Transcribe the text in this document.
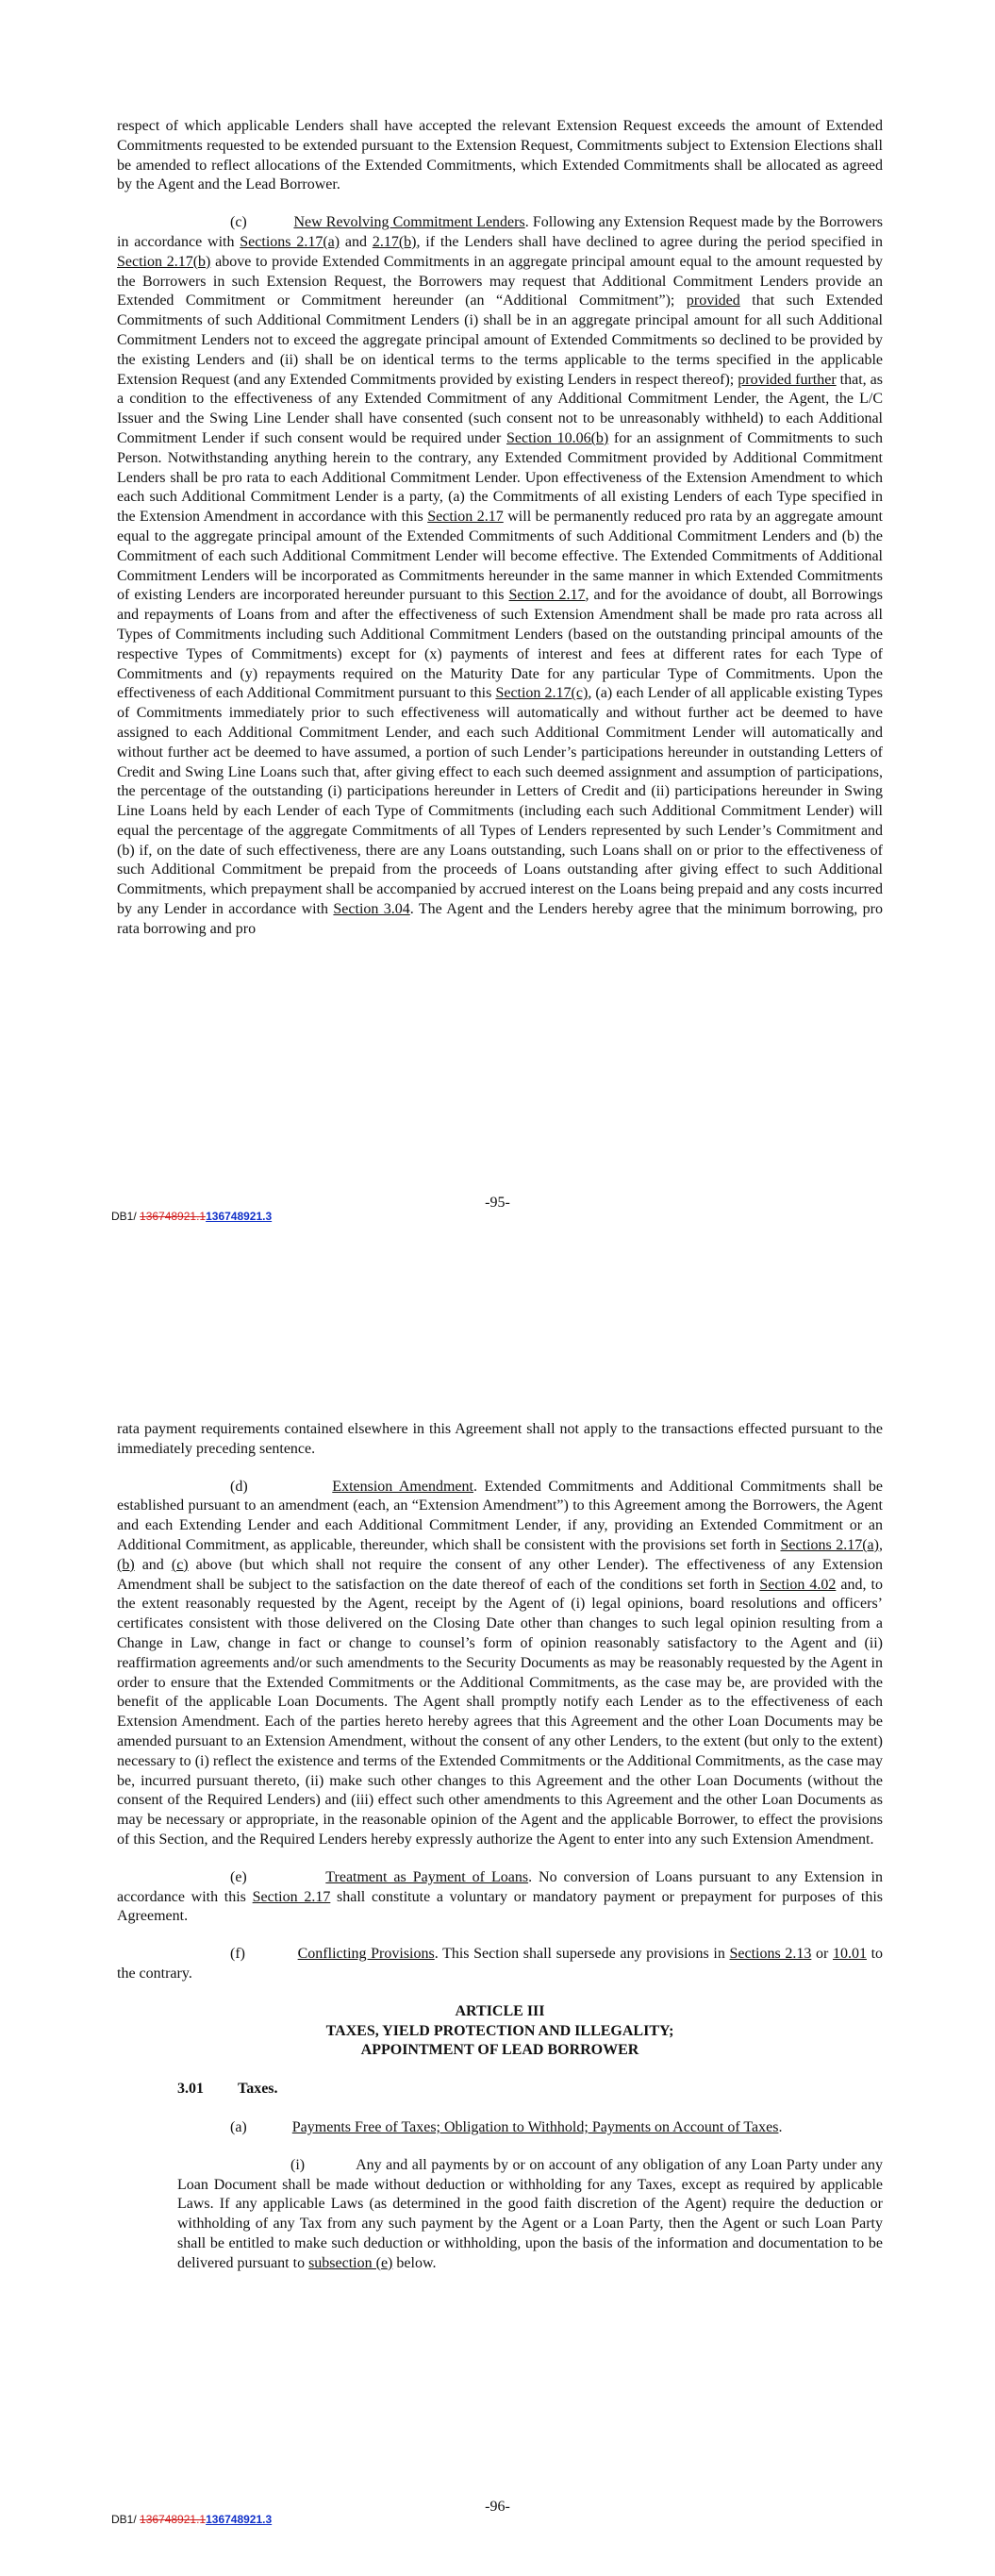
respect of which applicable Lenders shall have accepted the relevant Extension Request exceeds the amount of Extended Commitments requested to be extended pursuant to the Extension Request, Commitments subject to Extension Elections shall be amended to reflect allocations of the Extended Commitments, which Extended Commitments shall be allocated as agreed by the Agent and the Lead Borrower.

(c)	New Revolving Commitment Lenders. Following any Extension Request made by the Borrowers in accordance with Sections 2.17(a) and 2.17(b), if the Lenders shall have declined to agree during the period specified in Section 2.17(b) above to provide Extended Commitments in an aggregate principal amount equal to the amount requested by the Borrowers in such Extension Request, the Borrowers may request that Additional Commitment Lenders provide an Extended Commitment or Commitment hereunder (an “Additional Commitment”); provided that such Extended Commitments of such Additional Commitment Lenders (i) shall be in an aggregate principal amount for all such Additional Commitment Lenders not to exceed the aggregate principal amount of Extended Commitments so declined to be provided by the existing Lenders and (ii) shall be on identical terms to the terms applicable to the terms specified in the applicable Extension Request (and any Extended Commitments provided by existing Lenders in respect thereof); provided further that, as a condition to the effectiveness of any Extended Commitment of any Additional Commitment Lender, the Agent, the L/C Issuer and the Swing Line Lender shall have consented (such consent not to be unreasonably withheld) to each Additional Commitment Lender if such consent would be required under Section 10.06(b) for an assignment of Commitments to such Person. Notwithstanding anything herein to the contrary, any Extended Commitment provided by Additional Commitment Lenders shall be pro rata to each Additional Commitment Lender. Upon effectiveness of the Extension Amendment to which each such Additional Commitment Lender is a party, (a) the Commitments of all existing Lenders of each Type specified in the Extension Amendment in accordance with this Section 2.17 will be permanently reduced pro rata by an aggregate amount equal to the aggregate principal amount of the Extended Commitments of such Additional Commitment Lenders and (b) the Commitment of each such Additional Commitment Lender will become effective. The Extended Commitments of Additional Commitment Lenders will be incorporated as Commitments hereunder in the same manner in which Extended Commitments of existing Lenders are incorporated hereunder pursuant to this Section 2.17, and for the avoidance of doubt, all Borrowings and repayments of Loans from and after the effectiveness of such Extension Amendment shall be made pro rata across all Types of Commitments including such Additional Commitment Lenders (based on the outstanding principal amounts of the respective Types of Commitments) except for (x) payments of interest and fees at different rates for each Type of Commitments and (y) repayments required on the Maturity Date for any particular Type of Commitments. Upon the effectiveness of each Additional Commitment pursuant to this Section 2.17(c), (a) each Lender of all applicable existing Types of Commitments immediately prior to such effectiveness will automatically and without further act be deemed to have assigned to each Additional Commitment Lender, and each such Additional Commitment Lender will automatically and without further act be deemed to have assumed, a portion of such Lender’s participations hereunder in outstanding Letters of Credit and Swing Line Loans such that, after giving effect to each such deemed assignment and assumption of participations, the percentage of the outstanding (i) participations hereunder in Letters of Credit and (ii) participations hereunder in Swing Line Loans held by each Lender of each Type of Commitments (including each such Additional Commitment Lender) will equal the percentage of the aggregate Commitments of all Types of Lenders represented by such Lender’s Commitment and (b) if, on the date of such effectiveness, there are any Loans outstanding, such Loans shall on or prior to the effectiveness of such Additional Commitment be prepaid from the proceeds of Loans outstanding after giving effect to such Additional Commitments, which prepayment shall be accompanied by accrued interest on the Loans being prepaid and any costs incurred by any Lender in accordance with Section 3.04. The Agent and the Lenders hereby agree that the minimum borrowing, pro rata borrowing and pro

-95-
DB1/ 136748921.1136748921.3

rata payment requirements contained elsewhere in this Agreement shall not apply to the transactions effected pursuant to the immediately preceding sentence.

(d)	Extension Amendment. Extended Commitments and Additional Commitments shall be established pursuant to an amendment (each, an “Extension Amendment”) to this Agreement among the Borrowers, the Agent and each Extending Lender and each Additional Commitment Lender, if any, providing an Extended Commitment or an Additional Commitment, as applicable, thereunder, which shall be consistent with the provisions set forth in Sections 2.17(a), (b) and (c) above (but which shall not require the consent of any other Lender). The effectiveness of any Extension Amendment shall be subject to the satisfaction on the date thereof of each of the conditions set forth in Section 4.02 and, to the extent reasonably requested by the Agent, receipt by the Agent of (i) legal opinions, board resolutions and officers’ certificates consistent with those delivered on the Closing Date other than changes to such legal opinion resulting from a Change in Law, change in fact or change to counsel’s form of opinion reasonably satisfactory to the Agent and (ii) reaffirmation agreements and/or such amendments to the Security Documents as may be reasonably requested by the Agent in order to ensure that the Extended Commitments or the Additional Commitments, as the case may be, are provided with the benefit of the applicable Loan Documents. The Agent shall promptly notify each Lender as to the effectiveness of each Extension Amendment. Each of the parties hereto hereby agrees that this Agreement and the other Loan Documents may be amended pursuant to an Extension Amendment, without the consent of any other Lenders, to the extent (but only to the extent) necessary to (i) reflect the existence and terms of the Extended Commitments or the Additional Commitments, as the case may be, incurred pursuant thereto, (ii) make such other changes to this Agreement and the other Loan Documents (without the consent of the Required Lenders) and (iii) effect such other amendments to this Agreement and the other Loan Documents as may be necessary or appropriate, in the reasonable opinion of the Agent and the applicable Borrower, to effect the provisions of this Section, and the Required Lenders hereby expressly authorize the Agent to enter into any such Extension Amendment.

(e)	Treatment as Payment of Loans. No conversion of Loans pursuant to any Extension in accordance with this Section 2.17 shall constitute a voluntary or mandatory payment or prepayment for purposes of this Agreement.

(f)	Conflicting Provisions. This Section shall supersede any provisions in Sections 2.13 or 10.01 to the contrary.

ARTICLE III
TAXES, YIELD PROTECTION AND ILLEGALITY;
APPOINTMENT OF LEAD BORROWER
3.01 Taxes.

(a)	Payments Free of Taxes; Obligation to Withhold; Payments on Account of Taxes.

(i)	Any and all payments by or on account of any obligation of any Loan Party under any Loan Document shall be made without deduction or withholding for any Taxes, except as required by applicable Laws. If any applicable Laws (as determined in the good faith discretion of the Agent) require the deduction or withholding of any Tax from any such payment by the Agent or a Loan Party, then the Agent or such Loan Party shall be entitled to make such deduction or withholding, upon the basis of the information and documentation to be delivered pursuant to subsection (e) below.

-96-
DB1/ 136748921.1136748921.3
